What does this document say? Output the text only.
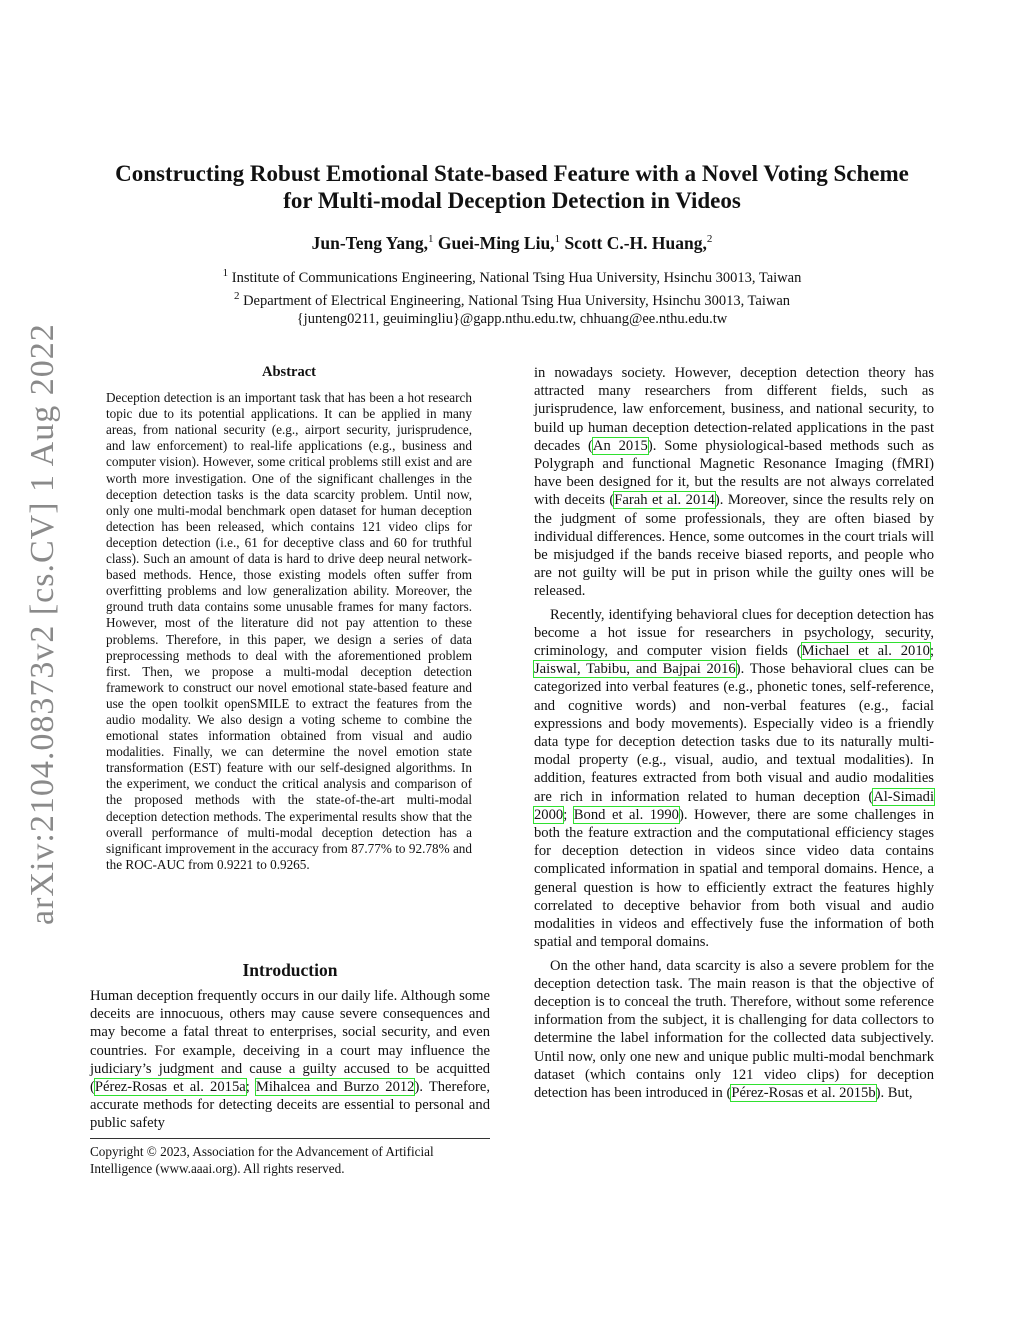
arXiv:2104.08373v2 [cs.CV] 1 Aug 2022
Constructing Robust Emotional State-based Feature with a Novel Voting Scheme
for Multi-modal Deception Detection in Videos
Jun-Teng Yang,$^1$ Guei-Ming Liu,$^1$ Scott C.-H. Huang,$^2$
$^1$ Institute of Communications Engineering, National Tsing Hua University, Hsinchu 30013, Taiwan
$^2$ Department of Electrical Engineering, National Tsing Hua University, Hsinchu 30013, Taiwan
{junteng0211, geuimingliu}@gapp.nthu.edu.tw, chhuang@ee.nthu.edu.tw
Abstract

Deception detection is an important task that has been a hot research topic due to its potential applications. It can be applied in many areas, from national security (e.g., airport security, jurisprudence, and law enforcement) to real-life applications (e.g., business and computer vision). However, some critical problems still exist and are worth more investigation. One of the significant challenges in the deception detection tasks is the data scarcity problem. Until now, only one multi-modal benchmark open dataset for human deception detection has been released, which contains 121 video clips for deception detection (i.e., 61 for deceptive class and 60 for truthful class). Such an amount of data is hard to drive deep neural network-based methods. Hence, those existing models often suffer from overfitting problems and low generalization ability. Moreover, the ground truth data contains some unusable frames for many factors. However, most of the literature did not pay attention to these problems. Therefore, in this paper, we design a series of data preprocessing methods to deal with the aforementioned problem first. Then, we propose a multi-modal deception detection framework to construct our novel emotional state-based feature and use the open toolkit openSMILE to extract the features from the audio modality. We also design a voting scheme to combine the emotional states information obtained from visual and audio modalities. Finally, we can determine the novel emotion state transformation (EST) feature with our self-designed algorithms. In the experiment, we conduct the critical analysis and comparison of the proposed methods with the state-of-the-art multi-modal deception detection methods. The experimental results show that the overall performance of multi-modal deception detection has a significant improvement in the accuracy from 87.77% to 92.78% and the ROC-AUC from 0.9221 to 0.9265.

Introduction

Human deception frequently occurs in our daily life. Although some deceits are innocuous, others may cause severe consequences and may become a fatal threat to enterprises, social security, and even countries. For example, deceiving in a court may influence the judiciary’s judgment and cause a guilty accused to be acquitted (Pérez-Rosas et al. 2015a; Mihalcea and Burzo 2012). Therefore, accurate methods for detecting deceits are essential to personal and public safety

Copyright © 2023, Association for the Advancement of Artificial Intelligence (www.aaai.org). All rights reserved.

in nowadays society. However, deception detection theory has attracted many researchers from different fields, such as jurisprudence, law enforcement, business, and national security, to build up human deception detection-related applications in the past decades (An 2015). Some physiological-based methods such as Polygraph and functional Magnetic Resonance Imaging (fMRI) have been designed for it, but the results are not always correlated with deceits (Farah et al. 2014). Moreover, since the results rely on the judgment of some professionals, they are often biased by individual differences. Hence, some outcomes in the court trials will be misjudged if the bands receive biased reports, and people who are not guilty will be put in prison while the guilty ones will be released.

Recently, identifying behavioral clues for deception detection has become a hot issue for researchers in psychology, security, criminology, and computer vision fields (Michael et al. 2010; Jaiswal, Tabibu, and Bajpai 2016). Those behavioral clues can be categorized into verbal features (e.g., phonetic tones, self-reference, and cognitive words) and non-verbal features (e.g., facial expressions and body movements). Especially video is a friendly data type for deception detection tasks due to its naturally multi-modal property (e.g., visual, audio, and textual modalities). In addition, features extracted from both visual and audio modalities are rich in information related to human deception (Al-Simadi 2000; Bond et al. 1990). However, there are some challenges in both the feature extraction and the computational efficiency stages for deception detection in videos since video data contains complicated information in spatial and temporal domains. Hence, a general question is how to efficiently extract the features highly correlated to deceptive behavior from both visual and audio modalities in videos and effectively fuse the information of both spatial and temporal domains.

On the other hand, data scarcity is also a severe problem for the deception detection task. The main reason is that the objective of deception is to conceal the truth. Therefore, without some reference information from the subject, it is challenging for data collectors to determine the label information for the collected data subjectively. Until now, only one new and unique public multi-modal benchmark dataset (which contains only 121 video clips) for deception detection has been introduced in (Pérez-Rosas et al. 2015b). But,
